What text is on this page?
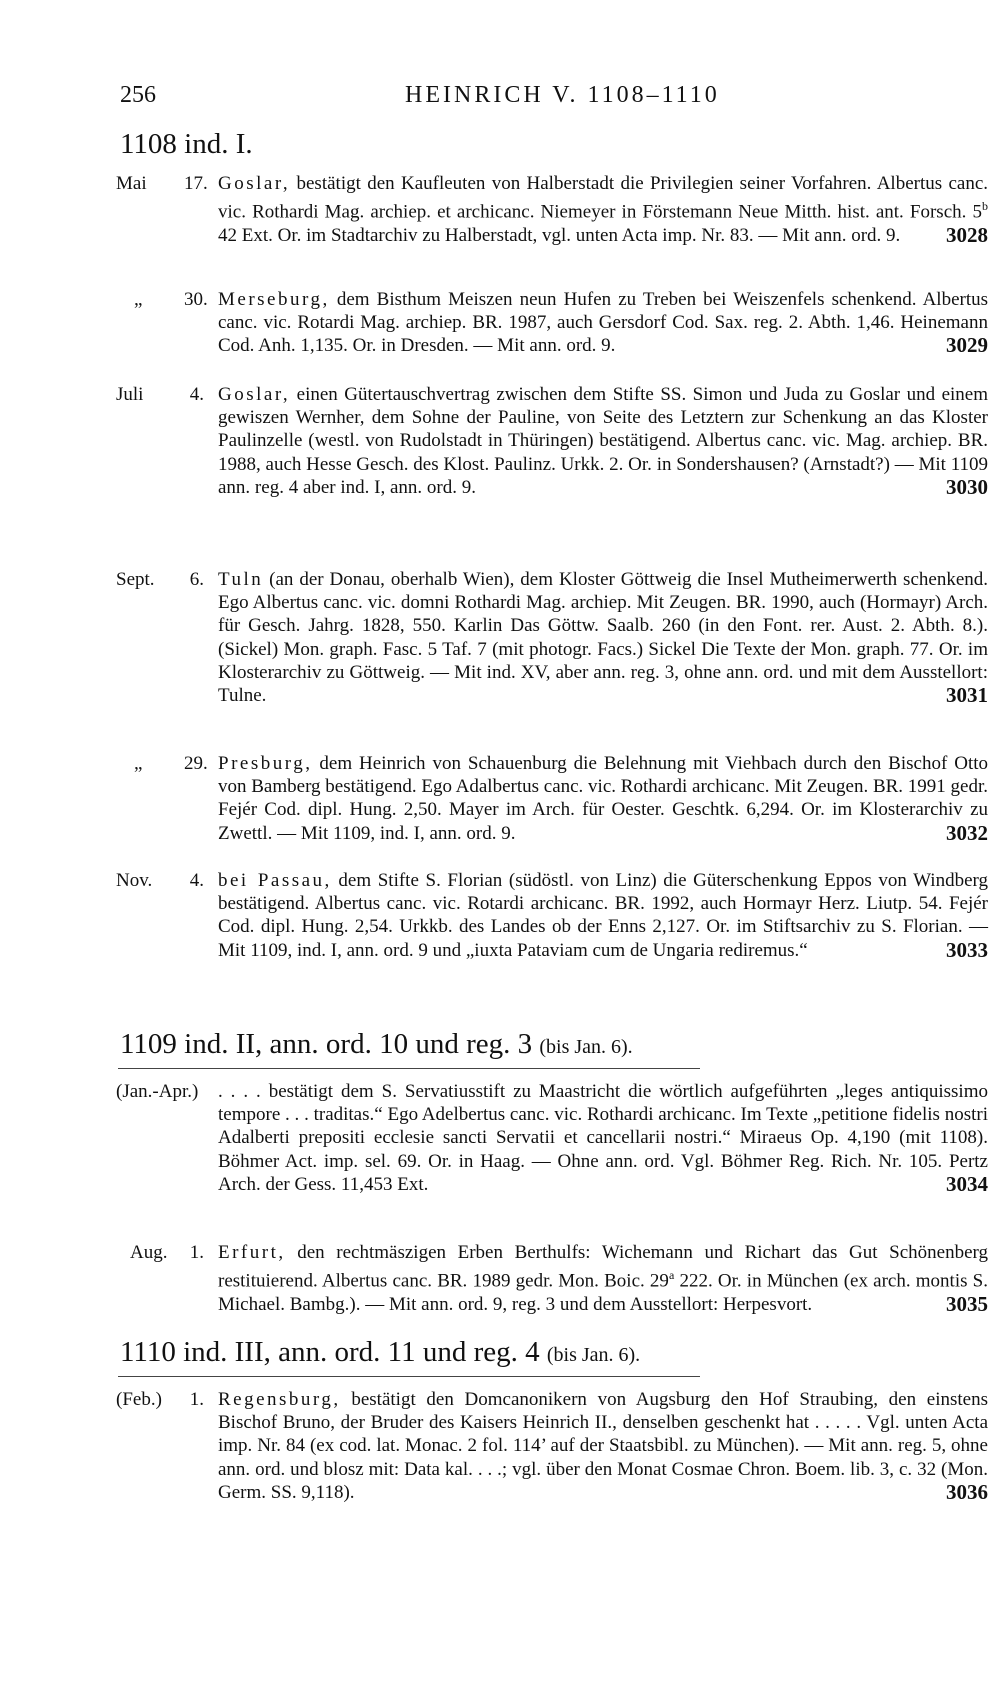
256	HEINRICH V. 1108–1110
1108 ind. I.
Mai 17. Goslar, bestätigt den Kaufleuten von Halberstadt die Privilegien seiner Vorfahren. Albertus canc. vic. Rothardi Mag. archiep. et archicanc. Niemeyer in Förstemann Neue Mitth. hist. ant. Forsch. 5$^b$ 42 Ext. Or. im Stadtarchiv zu Halberstadt, vgl. unten Acta imp. Nr. 83. — Mit ann. ord. 9. 3028
„ 30. Merseburg, dem Bisthum Meiszen neun Hufen zu Treben bei Weiszenfels schenkend. Albertus canc. vic. Rotardi Mag. archiep. BR. 1987, auch Gersdorf Cod. Sax. reg. 2. Abth. 1,46. Heinemann Cod. Anh. 1,135. Or. in Dresden. — Mit ann. ord. 9.	3029
Juli	4. Goslar, einen Gütertauschvertrag zwischen dem Stifte SS. Simon und Juda zu Goslar und einem gewiszen Wernher, dem Sohne der Pauline, von Seite des Letztern zur Schenkung an das Kloster Paulinzelle (westl. von Rudolstadt in Thüringen) bestätigend. Albertus canc. vic. Mag. archiep. BR. 1988, auch Hesse Gesch. des Klost. Paulinz. Urkk. 2. Or. in Sondershausen? (Arnstadt?) — Mit 1109 ann. reg. 4 aber ind. I, ann. ord. 9.	3030
Sept.	6. Tuln (an der Donau, oberhalb Wien), dem Kloster Göttweig die Insel Mutheimerwerth schenkend. Ego Albertus canc. vic. domni Rothardi Mag. archiep. Mit Zeugen. BR. 1990, auch (Hormayr) Arch. für Gesch. Jahrg. 1828, 550. Karlin Das Göttw. Saalb. 260 (in den Font. rer. Aust. 2. Abth. 8.). (Sickel) Mon. graph. Fasc. 5 Taf. 7 (mit photogr. Facs.) Sickel Die Texte der Mon. graph. 77. Or. im Klosterarchiv zu Göttweig. — Mit ind. XV, aber ann. reg. 3, ohne ann. ord. und mit dem Ausstellort: Tulne.	3031
„ 29. Presburg, dem Heinrich von Schauenburg die Belehnung mit Viehbach durch den Bischof Otto von Bamberg bestätigend. Ego Adalbertus canc. vic. Rothardi archicanc. Mit Zeugen. BR. 1991 gedr. Fejér Cod. dipl. Hung. 2,50. Mayer im Arch. für Oester. Geschtk. 6,294. Or. im Klosterarchiv zu Zwettl. — Mit 1109, ind. I, ann. ord. 9.	3032
Nov.	4. bei Passau, dem Stifte S. Florian (südöstl. von Linz) die Güterschenkung Eppos von Windberg bestätigend. Albertus canc. vic. Rotardi archicanc. BR. 1992, auch Hormayr Herz. Liutp. 54. Fejér Cod. dipl. Hung. 2,54. Urkkb. des Landes ob der Enns 2,127. Or. im Stiftsarchiv zu S. Florian. — Mit 1109, ind. I, ann. ord. 9 und „iuxta Pataviam cum de Ungaria rediremus.“	3033
1109 ind. II, ann. ord. 10 und reg. 3 (bis Jan. 6).
(Jan.-Apr.) . . . . bestätigt dem S. Servatiusstift zu Maastricht die wörtlich aufgeführten „leges antiquissimo tempore . . . traditas.“ Ego Adelbertus canc. vic. Rothardi archicanc. Im Texte „petitione fidelis nostri Adalberti prepositi ecclesie sancti Servatii et cancellarii nostri.“ Miraeus Op. 4,190 (mit 1108). Böhmer Act. imp. sel. 69. Or. in Haag. — Ohne ann. ord. Vgl. Böhmer Reg. Rich. Nr. 105. Pertz Arch. der Gess. 11,453 Ext.	3034
Aug.	1. Erfurt, den rechtmäszigen Erben Berthulfs: Wichemann und Richart das Gut Schönenberg restituierend. Albertus canc. BR. 1989 gedr. Mon. Boic. 29$^a$ 222. Or. in München (ex arch. montis S. Michael. Bambg.). — Mit ann. ord. 9, reg. 3 und dem Ausstellort: Herpesvort.	3035
1110 ind. III, ann. ord. 11 und reg. 4 (bis Jan. 6).
(Feb.)	1. Regensburg, bestätigt den Domcanonikern von Augsburg den Hof Straubing, den einstens Bischof Bruno, der Bruder des Kaisers Heinrich II., denselben geschenkt hat . . . . . Vgl. unten Acta imp. Nr. 84 (ex cod. lat. Monac. 2 fol. 114’ auf der Staatsbibl. zu München). — Mit ann. reg. 5, ohne ann. ord. und blosz mit: Data kal. . . .; vgl. über den Monat Cosmae Chron. Boem. lib. 3, c. 32 (Mon. Germ. SS. 9,118).	3036
